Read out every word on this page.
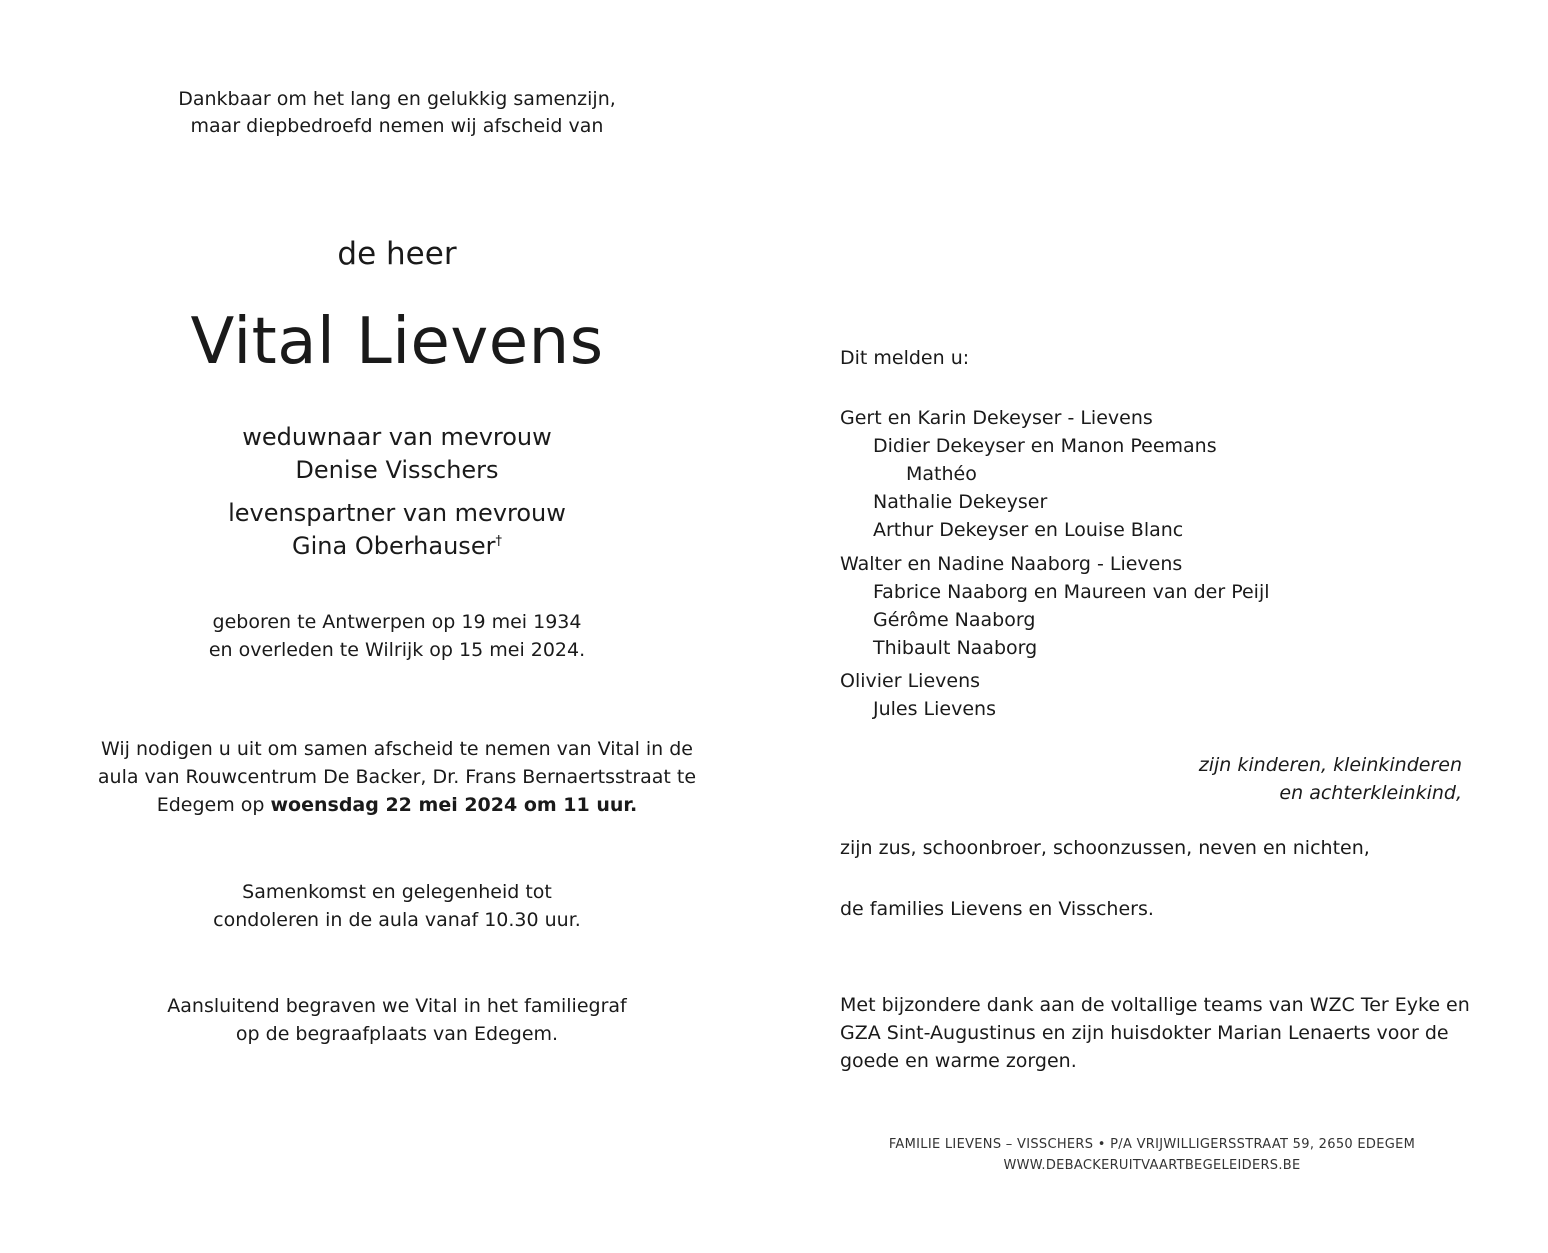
Dankbaar om het lang en gelukkig samenzijn,
maar diepbedroefd nemen wij afscheid van
de heer
Vital Lievens
weduwnaar van mevrouw
Denise Visschers
levenspartner van mevrouw
Gina Oberhauser†
geboren te Antwerpen op 19 mei 1934
en overleden te Wilrijk op 15 mei 2024.
Wij nodigen u uit om samen afscheid te nemen van Vital in de
aula van Rouwcentrum De Backer, Dr. Frans Bernaertsstraat te
Edegem op woensdag 22 mei 2024 om 11 uur.
Samenkomst en gelegenheid tot
condoleren in de aula vanaf 10.30 uur.
Aansluitend begraven we Vital in het familiegraf
op de begraafplaats van Edegem.
Dit melden u:
Gert en Karin Dekeyser - Lievens
Didier Dekeyser en Manon Peemans
Mathéo
Nathalie Dekeyser
Arthur Dekeyser en Louise Blanc
Walter en Nadine Naaborg - Lievens
Fabrice Naaborg en Maureen van der Peijl
Gérôme Naaborg
Thibault Naaborg
Olivier Lievens
Jules Lievens
zijn kinderen, kleinkinderen
en achterkleinkind,
zijn zus, schoonbroer, schoonzussen, neven en nichten,
de families Lievens en Visschers.
Met bijzondere dank aan de voltallige teams van WZC Ter Eyke en
GZA Sint-Augustinus en zijn huisdokter Marian Lenaerts voor de
goede en warme zorgen.
FAMILIE LIEVENS – VISSCHERS • P/A VRIJWILLIGERSSTRAAT 59, 2650 EDEGEM
WWW.DEBACKERUITVAARTBEGELEIDERS.BE
